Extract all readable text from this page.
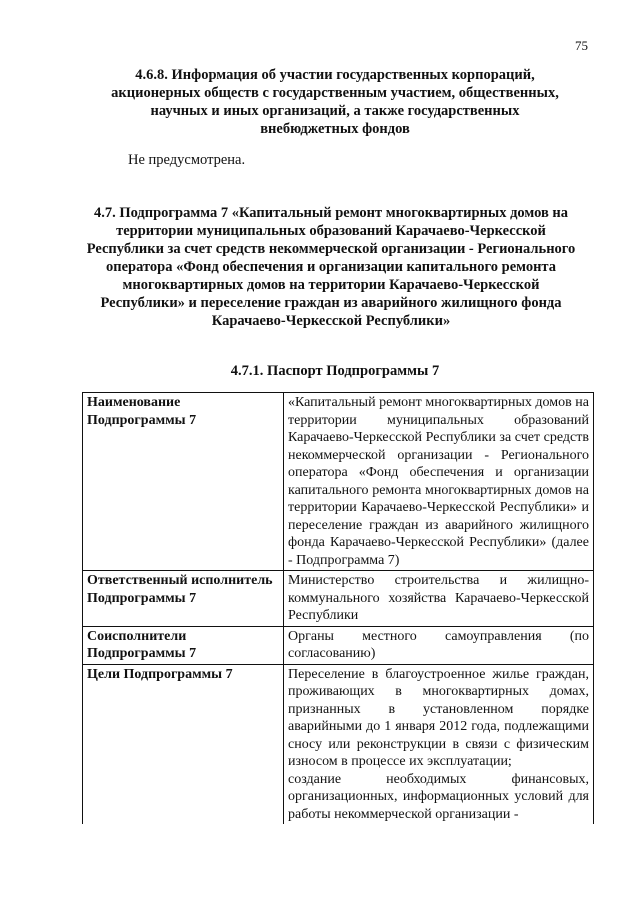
75
4.6.8. Информация об участии государственных корпораций, акционерных обществ с государственным участием, общественных, научных и иных организаций, а также государственных внебюджетных фондов
Не предусмотрена.
4.7. Подпрограмма 7 «Капитальный ремонт многоквартирных домов на территории муниципальных образований Карачаево-Черкесской Республики за счет средств некоммерческой организации - Регионального оператора «Фонд обеспечения и организации капитального ремонта многоквартирных домов на территории Карачаево-Черкесской Республики» и переселение граждан из аварийного жилищного фонда Карачаево-Черкесской Республики»
4.7.1. Паспорт Подпрограммы 7
Наименование Подпрограммы 7	«Капитальный ремонт многоквартирных домов на территории муниципальных образований Карачаево-Черкесской Республики за счет средств некоммерческой организации - Регионального оператора «Фонд обеспечения и организации капитального ремонта многоквартирных домов на территории Карачаево-Черкесской Республики» и переселение граждан из аварийного жилищного фонда Карачаево-Черкесской Республики» (далее - Подпрограмма 7)
Ответственный исполнитель Подпрограммы 7	Министерство строительства и жилищно-коммунального хозяйства Карачаево-Черкесской Республики
Соисполнители Подпрограммы 7	Органы местного самоуправления (по согласованию)
Цели Подпрограммы 7	Переселение в благоустроенное жилье граждан, проживающих в многоквартирных домах, признанных в установленном порядке аварийными до 1 января 2012 года, подлежащими сносу или реконструкции в связи с физическим износом в процессе их эксплуатации;
создание необходимых финансовых, организационных, информационных условий для работы некоммерческой организации -
